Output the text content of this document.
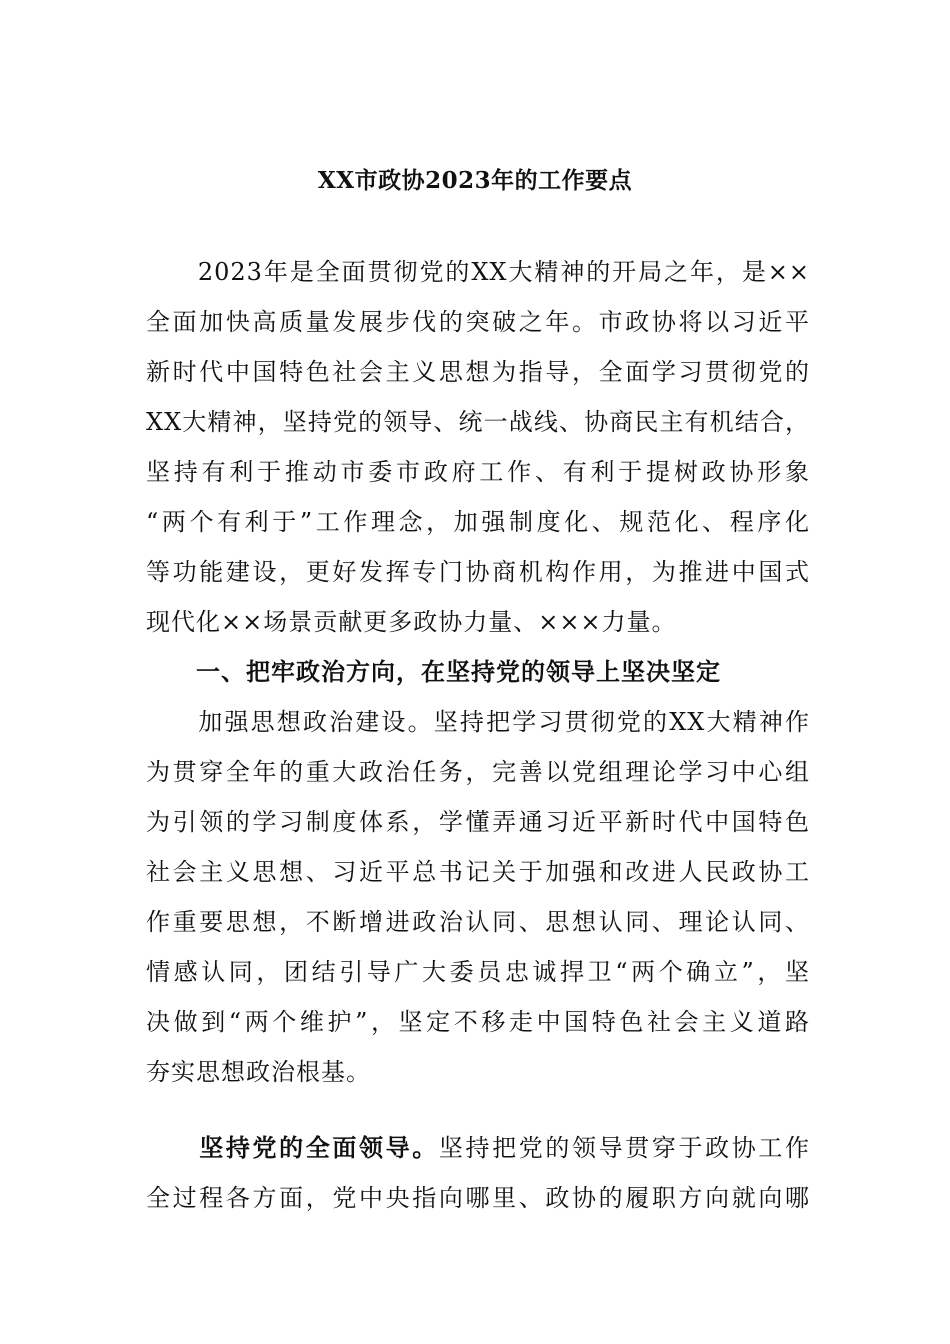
XX市政协2023年的工作要点
　　2023年是全面贯彻党的XX大精神的开局之年，是××
全面加快高质量发展步伐的突破之年。市政协将以习近平
新时代中国特色社会主义思想为指导，全面学习贯彻党的
XX大精神，坚持党的领导、统一战线、协商民主有机结合，
坚持有利于推动市委市政府工作、有利于提树政协形象
“两个有利于”工作理念，加强制度化、规范化、程序化
等功能建设，更好发挥专门协商机构作用，为推进中国式
现代化××场景贡献更多政协力量、×××力量。
　　一、把牢政治方向，在坚持党的领导上坚决坚定
　　加强思想政治建设。坚持把学习贯彻党的XX大精神作
为贯穿全年的重大政治任务，完善以党组理论学习中心组
为引领的学习制度体系，学懂弄通习近平新时代中国特色
社会主义思想、习近平总书记关于加强和改进人民政协工
作重要思想，不断增进政治认同、思想认同、理论认同、
情感认同，团结引导广大委员忠诚捍卫“两个确立”，坚
决做到“两个维护”，坚定不移走中国特色社会主义道路
夯实思想政治根基。
　　坚持党的全面领导。坚持把党的领导贯穿于政协工作
全过程各方面，党中央指向哪里、政协的履职方向就向哪
